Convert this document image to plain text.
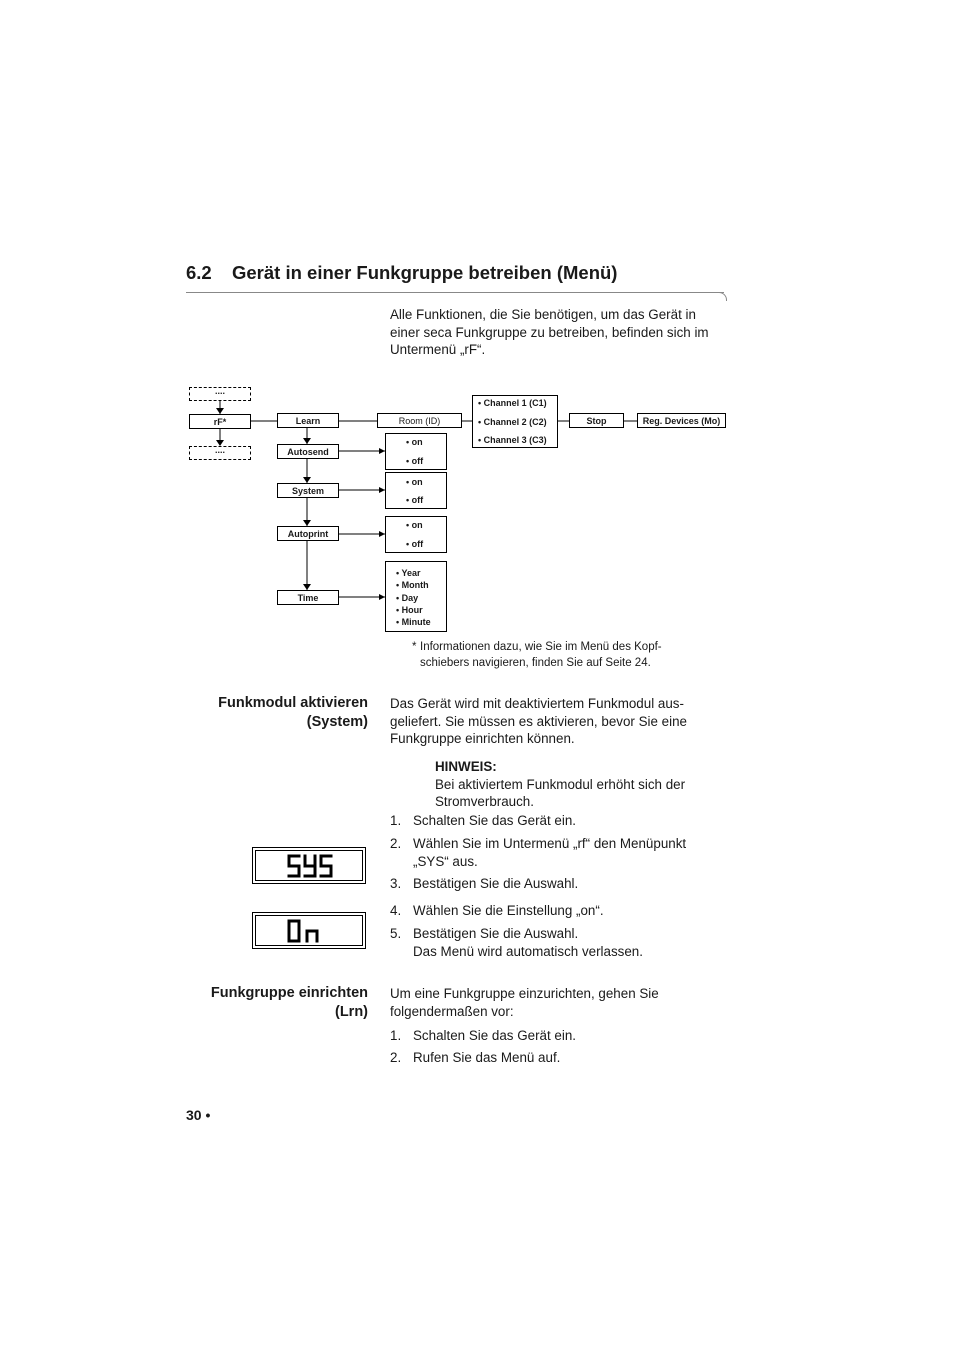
6.2 Gerät in einer Funkgruppe betreiben (Menü)
Alle Funktionen, die Sie benötigen, um das Gerät in
einer seca Funkgruppe zu betreiben, befinden sich im
Untermenü „rF“.
....
rF*
....
Learn
Autosend
System
Autoprint
Time
Room (ID)
• Channel 1 (C1)
• Channel 2 (C2)
• Channel 3 (C3)
Stop	Reg. Devices (Mo)
• on
• off
• on
• off
• on
• off
• Year
• Month
• Day
• Hour
• Minute
* Informationen dazu, wie Sie im Menü des Kopf-
schiebers navigieren, finden Sie auf Seite 24.
Funkmodul aktivieren
(System)
Das Gerät wird mit deaktiviertem Funkmodul aus-
geliefert. Sie müssen es aktivieren, bevor Sie eine
Funkgruppe einrichten können.
HINWEIS:
Bei aktiviertem Funkmodul erhöht sich der
Stromverbrauch.
1. Schalten Sie das Gerät ein.
2. Wählen Sie im Untermenü „rf“ den Menüpunkt
„SYS“ aus.
3. Bestätigen Sie die Auswahl.
4. Wählen Sie die Einstellung „on“.
5. Bestätigen Sie die Auswahl.
Das Menü wird automatisch verlassen.
Funkgruppe einrichten
(Lrn)
Um eine Funkgruppe einzurichten, gehen Sie
folgendermaßen vor:
1. Schalten Sie das Gerät ein.
2. Rufen Sie das Menü auf.
30 •
